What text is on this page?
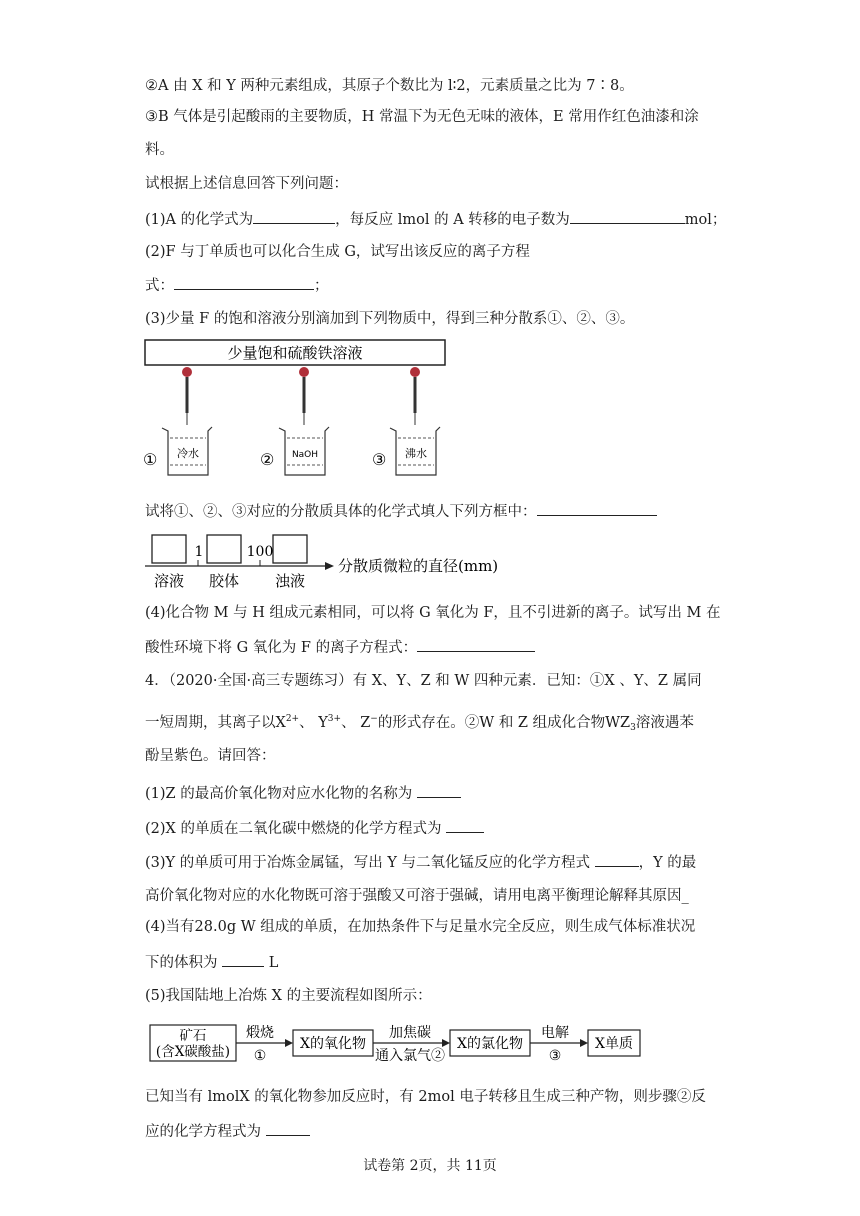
②A 由 X 和 Y 两种元素组成，其原子个数比为 l∶2，元素质量之比为 7∶8。
③B 气体是引起酸雨的主要物质，H 常温下为无色无味的液体，E 常用作红色油漆和涂
料。
试根据上述信息回答下列问题：
(1)A 的化学式为	，每反应 lmol 的 A 转移的电子数为	mol；
(2)F 与丁单质也可以化合生成 G，试写出该反应的离子方程
式：	；
(3)少量 F 的饱和溶液分别滴加到下列物质中，得到三种分散系①、②、③。
少量饱和硫酸铁溶液
① 冷水	② NaOH	③ 沸水
试将①、②、③对应的分散质具体的化学式填人下列方框中：
1	100
溶液 胶体 浊液
分散质微粒的直径(mm)
(4)化合物 M 与 H 组成元素相同，可以将 G 氧化为 F，且不引进新的离子。试写出 M 在
酸性环境下将 G 氧化为 F 的离子方程式：
4．（2020·全国·高三专题练习）有 X、Y、Z 和 W 四种元素．已知：①X 、Y、Z 属同
一短周期，其离子以$X^{2+}$、 $Y^{3+}$、 Z−的形式存在。②W 和 Z 组成化合物$WZ_3$溶液遇苯
酚呈紫色。请回答：
(1)Z 的最高价氧化物对应水化物的名称为
(2)X 的单质在二氧化碳中燃烧的化学方程式为
(3)Y 的单质可用于冶炼金属锰，写出 Y 与二氧化锰反应的化学方程式	，Y 的最
高价氧化物对应的水化物既可溶于强酸又可溶于强碱，请用电离平衡理论解释其原因_
(4)当有28.0g W 组成的单质，在加热条件下与足量水完全反应，则生成气体标准状况
下的体积为	L
(5)我国陆地上冶炼 X 的主要流程如图所示：
矿石
(含X碳酸盐)
煅烧
①
X的氧化物
加焦碳
通入氯气②
X的氯化物
电解
③
X单质
已知当有 lmolX 的氧化物参加反应时，有 2mol 电子转移且生成三种产物，则步骤②反
应的化学方程式为
试卷第 2页，共 11页
